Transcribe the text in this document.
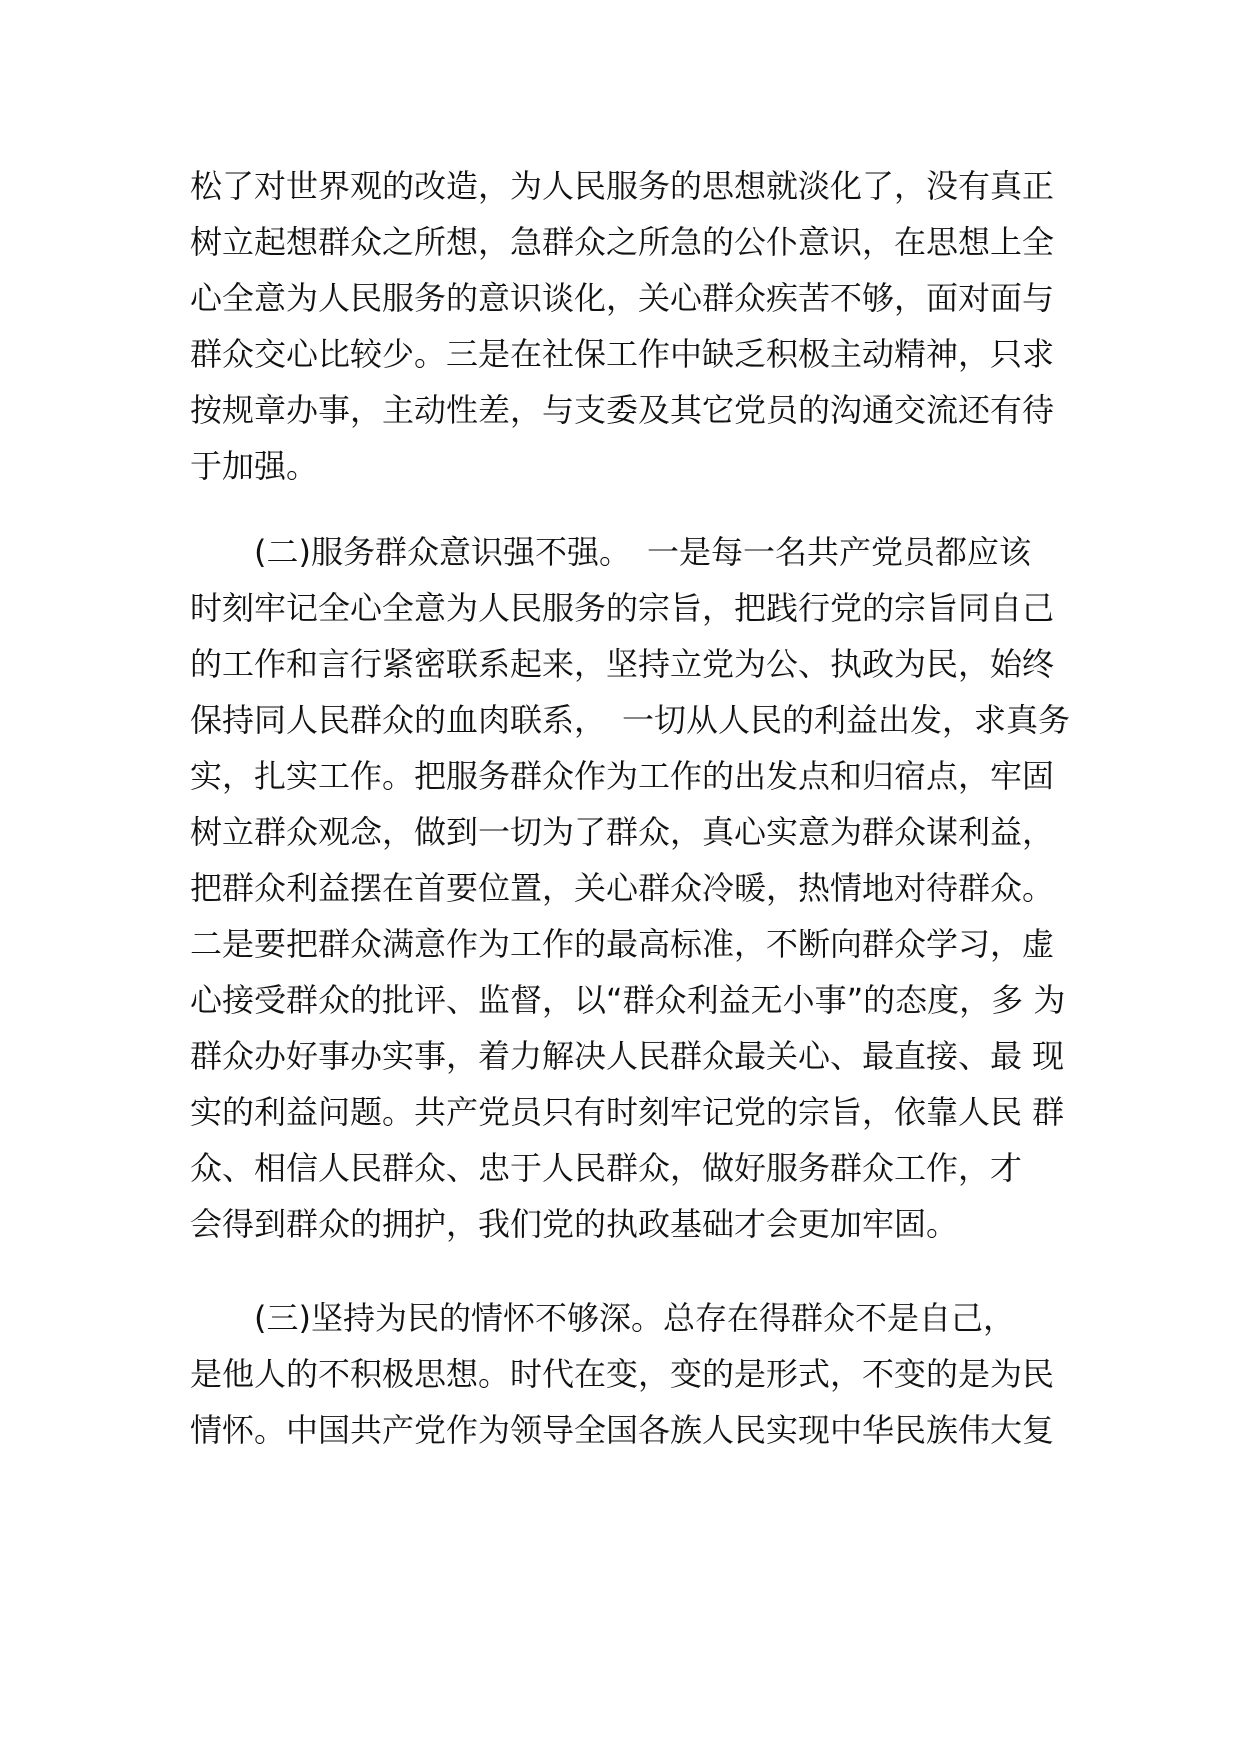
松了对世界观的改造，为人民服务的思想就淡化了，没有真正
树立起想群众之所想，急群众之所急的公仆意识，在思想上全
心全意为人民服务的意识谈化，关心群众疾苦不够，面对面与
群众交心比较少。三是在社保工作中缺乏积极主动精神，只求
按规章办事，主动性差，与支委及其它党员的沟通交流还有待
于加强。
　　(二)服务群众意识强不强。　一是每一名共产党员都应该
时刻牢记全心全意为人民服务的宗旨，把践行党的宗旨同自己
的工作和言行紧密联系起来，坚持立党为公、执政为民，始终
保持同人民群众的血肉联系，　一切从人民的利益出发，求真务
实，扎实工作。把服务群众作为工作的出发点和归宿点，牢固
树立群众观念，做到一切为了群众，真心实意为群众谋利益，
把群众利益摆在首要位置，关心群众冷暖，热情地对待群众。
二是要把群众满意作为工作的最高标准，不断向群众学习，虚
心接受群众的批评、监督，以“群众利益无小事”的态度，多 为
群众办好事办实事，着力解决人民群众最关心、最直接、最 现
实的利益问题。共产党员只有时刻牢记党的宗旨，依靠人民 群
众、相信人民群众、忠于人民群众，做好服务群众工作，才
会得到群众的拥护，我们党的执政基础才会更加牢固。
　　(三)坚持为民的情怀不够深。总存在得群众不是自己，
是他人的不积极思想。时代在变，变的是形式，不变的是为民
情怀。中国共产党作为领导全国各族人民实现中华民族伟大复
